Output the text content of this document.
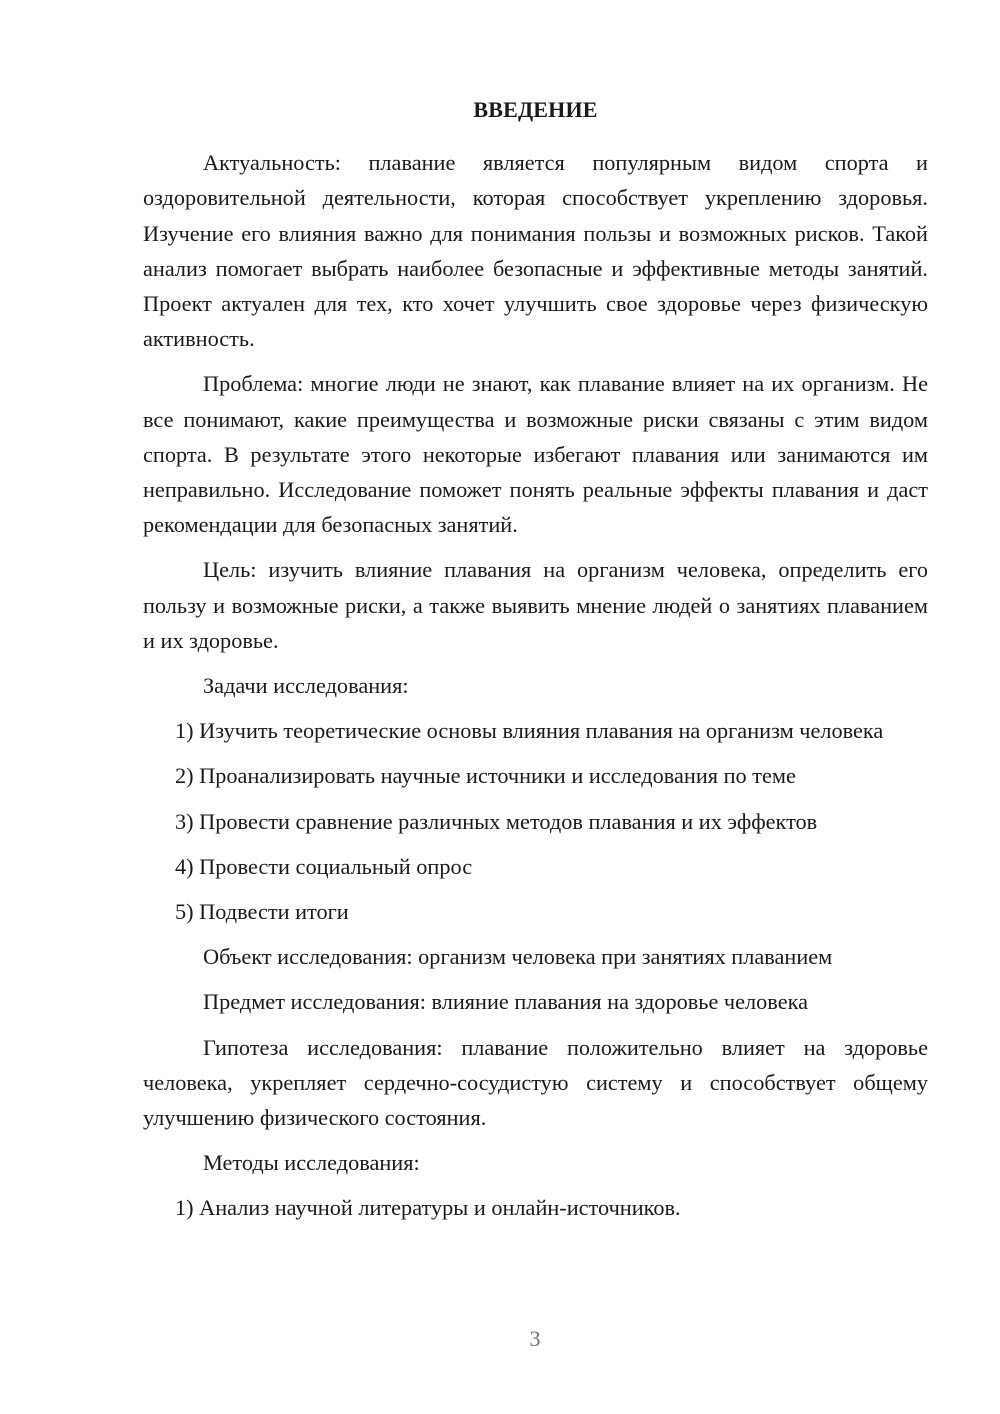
ВВЕДЕНИЕ

Актуальность: плавание является популярным видом спорта и оздоровительной деятельности, которая способствует укреплению здоровья. Изучение его влияния важно для понимания пользы и возможных рисков. Такой анализ помогает выбрать наиболее безопасные и эффективные методы занятий. Проект актуален для тех, кто хочет улучшить свое здоровье через физическую активность.

Проблема: многие люди не знают, как плавание влияет на их организм. Не все понимают, какие преимущества и возможные риски связаны с этим видом спорта. В результате этого некоторые избегают плавания или занимаются им неправильно. Исследование поможет понять реальные эффекты плавания и даст рекомендации для безопасных занятий.

Цель: изучить влияние плавания на организм человека, определить его пользу и возможные риски, а также выявить мнение людей о занятиях плаванием и их здоровье.

Задачи исследования:

1) Изучить теоретические основы влияния плавания на организм человека

2) Проанализировать научные источники и исследования по теме

3) Провести сравнение различных методов плавания и их эффектов

4) Провести социальный опрос

5) Подвести итоги

Объект исследования: организм человека при занятиях плаванием

Предмет исследования: влияние плавания на здоровье человека

Гипотеза исследования: плавание положительно влияет на здоровье человека, укрепляет сердечно-сосудистую систему и способствует общему улучшению физического состояния.

Методы исследования:

1) Анализ научной литературы и онлайн-источников.

3
